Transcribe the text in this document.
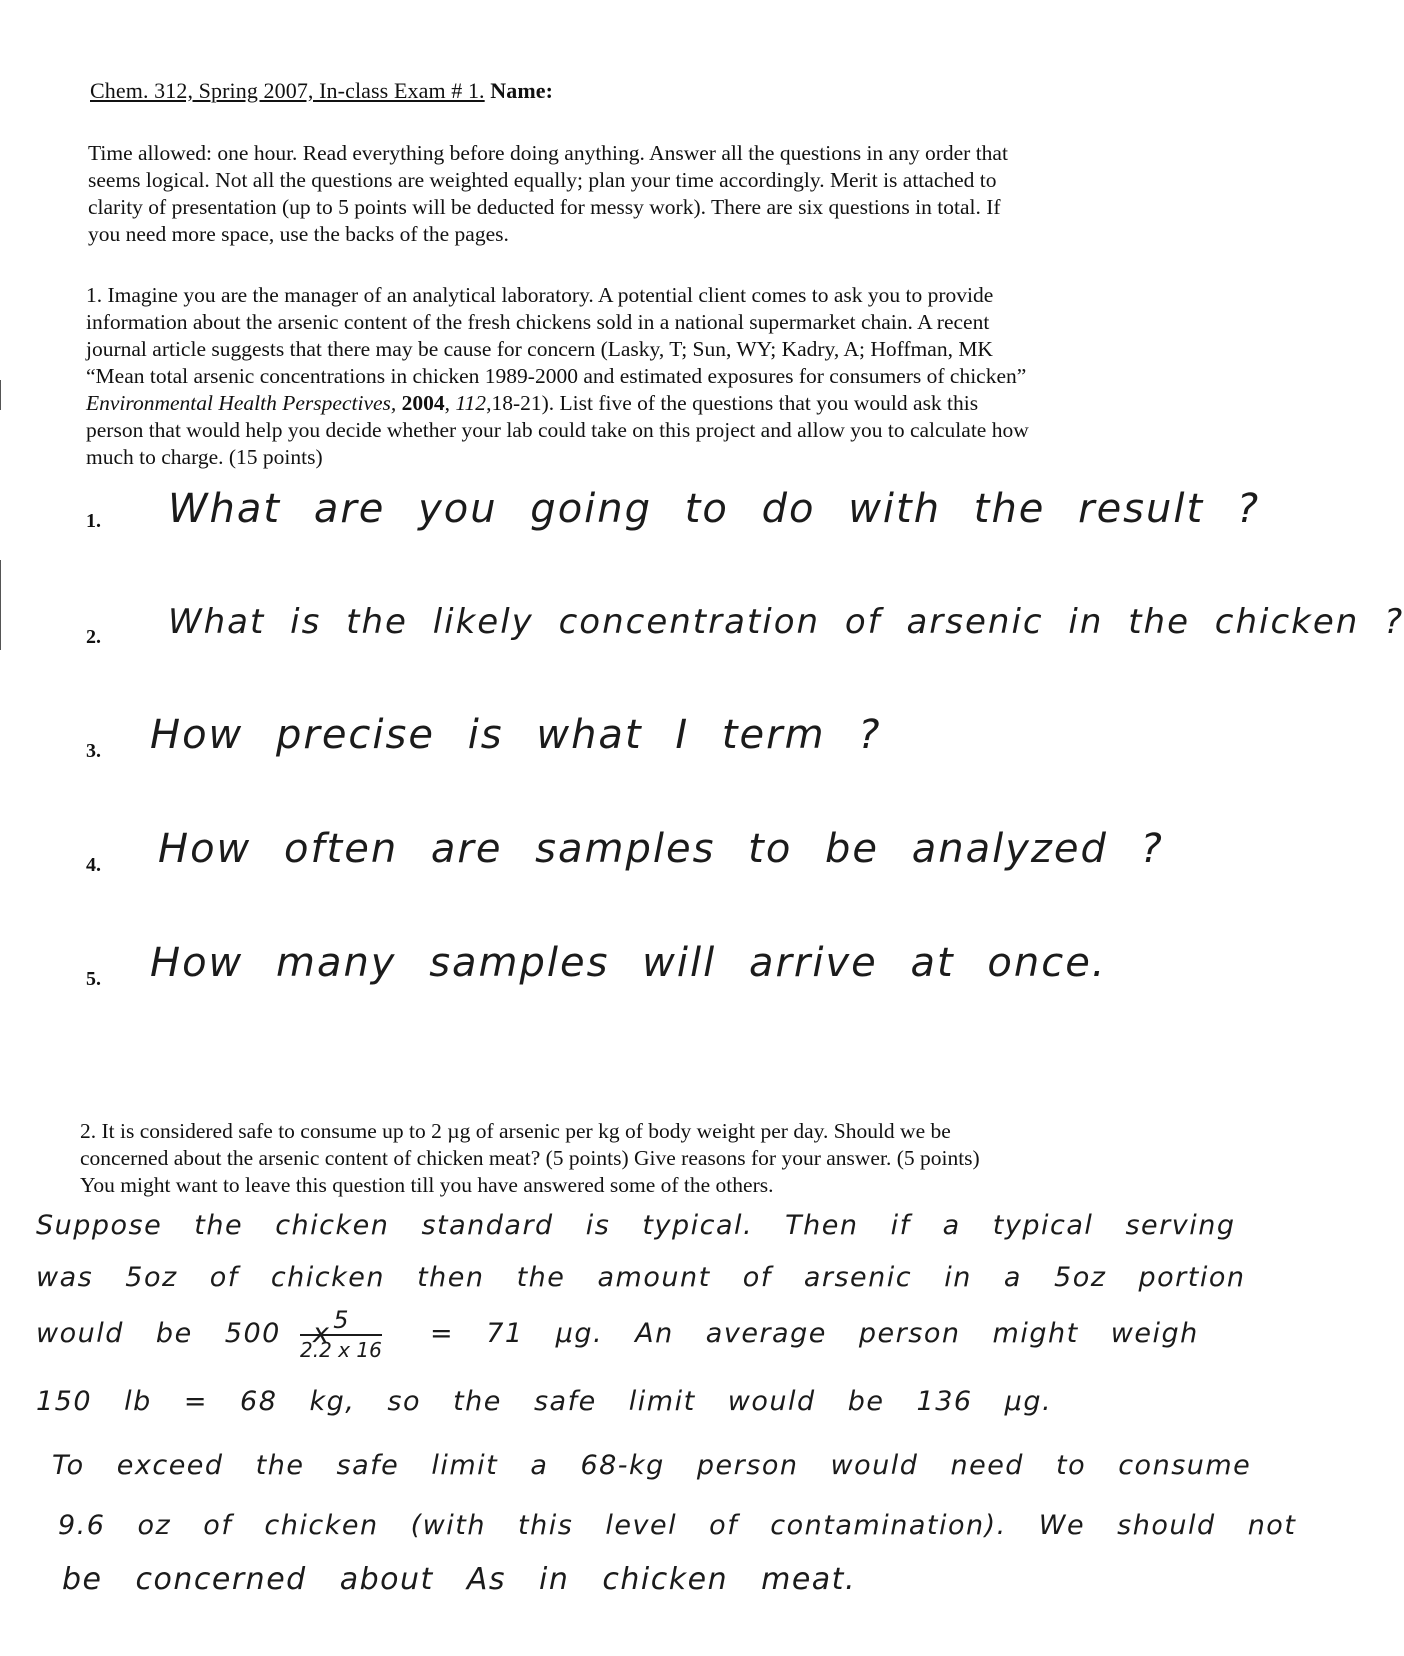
Chem. 312, Spring 2007, In-class Exam # 1. Name:

Time allowed: one hour. Read everything before doing anything. Answer all the questions in any order that
seems logical. Not all the questions are weighted equally; plan your time accordingly. Merit is attached to
clarity of presentation (up to 5 points will be deducted for messy work). There are six questions in total. If
you need more space, use the backs of the pages.

1. Imagine you are the manager of an analytical laboratory. A potential client comes to ask you to provide
information about the arsenic content of the fresh chickens sold in a national supermarket chain. A recent
journal article suggests that there may be cause for concern (Lasky, T; Sun, WY; Kadry, A; Hoffman, MK
“Mean total arsenic concentrations in chicken 1989-2000 and estimated exposures for consumers of chicken”
Environmental Health Perspectives, 2004, 112,18-21). List five of the questions that you would ask this
person that would help you decide whether your lab could take on this project and allow you to calculate how
much to charge. (15 points)

1. What are you going to do with the result ?
2. What is the likely concentration of arsenic in the chicken ?
3. How precise is what I term ?
4. How often are samples to be analyzed ?
5. How many samples will arrive at once.

2. It is considered safe to consume up to 2 µg of arsenic per kg of body weight per day. Should we be
concerned about the arsenic content of chicken meat? (5 points) Give reasons for your answer. (5 points)
You might want to leave this question till you have answered some of the others.

Suppose the chicken standard is typical. Then if a typical serving
was 5oz of chicken then the amount of arsenic in a 5oz portion
would be 500 x 5
2.2 x 16
= 71 µg. An average person might weigh
150 lb = 68 kg, so the safe limit would be 136 µg.
To exceed the safe limit a 68-kg person would need to consume
9.6 oz of chicken (with this level of contamination). We should not
be concerned about As in chicken meat.
